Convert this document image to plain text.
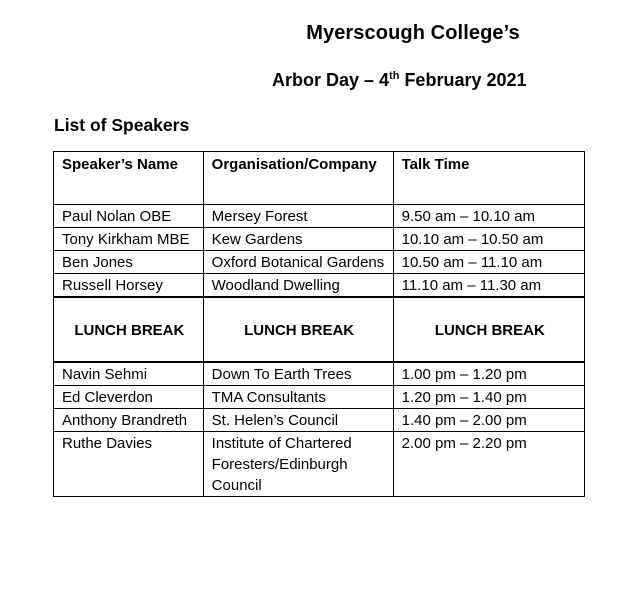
Myerscough College’s
Arbor Day – 4th February 2021
List of Speakers
Speaker’s Name	Organisation/Company	Talk Time
Paul Nolan OBE	Mersey Forest	9.50 am – 10.10 am
Tony Kirkham MBE	Kew Gardens	10.10 am – 10.50 am
Ben Jones	Oxford Botanical Gardens	10.50 am – 11.10 am
Russell Horsey	Woodland Dwelling	11.10 am – 11.30 am
LUNCH BREAK	LUNCH BREAK	LUNCH BREAK
Navin Sehmi	Down To Earth Trees	1.00 pm – 1.20 pm
Ed Cleverdon	TMA Consultants	1.20 pm – 1.40 pm
Anthony Brandreth	St. Helen’s Council	1.40 pm – 2.00 pm
Ruthe Davies	Institute of Chartered Foresters/Edinburgh Council	2.00 pm – 2.20 pm
